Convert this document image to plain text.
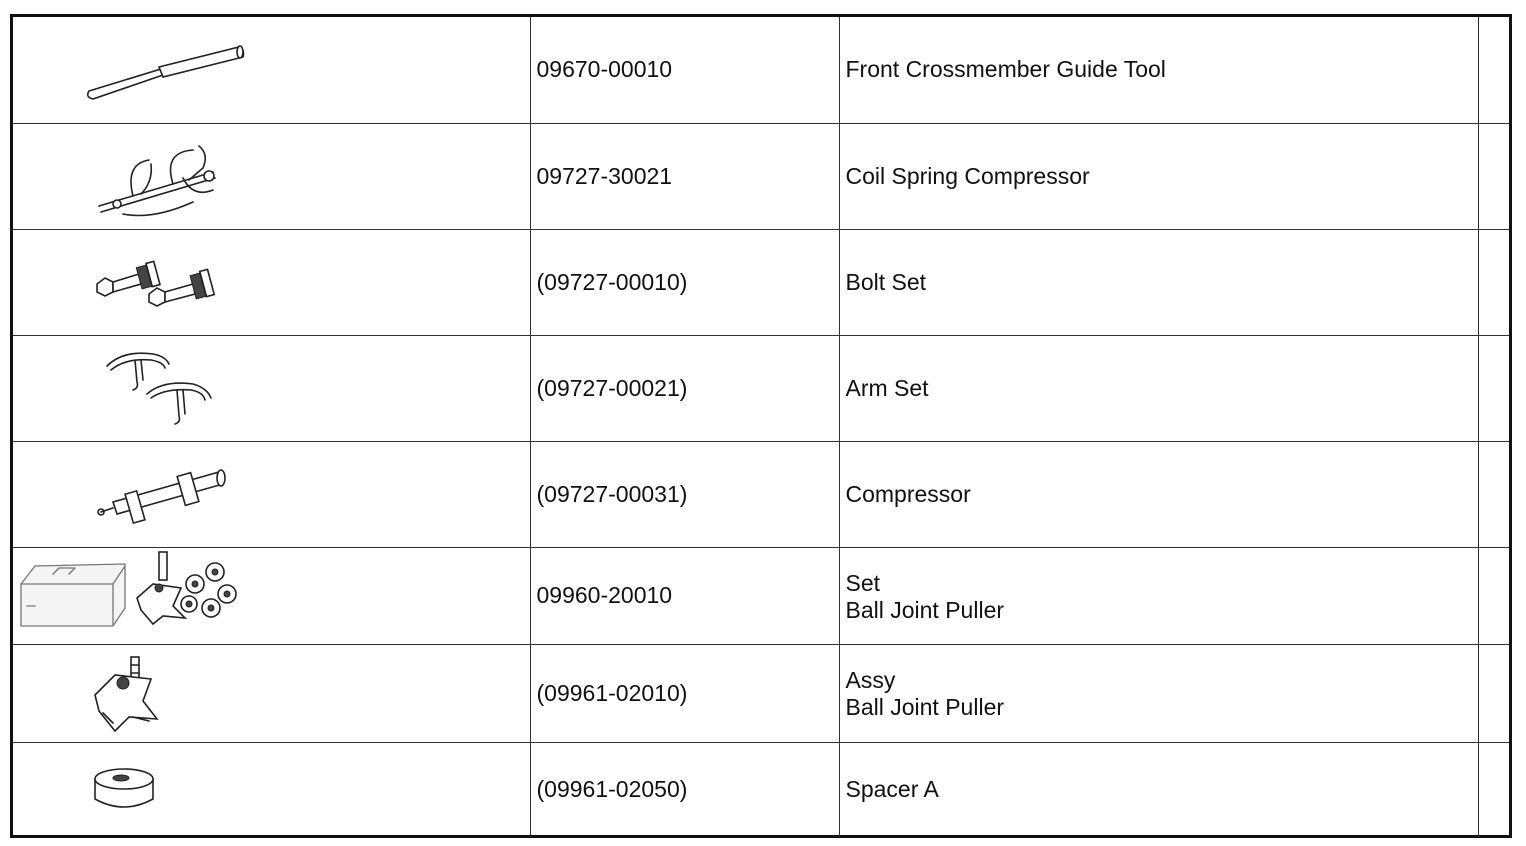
09670-00010	Front Crossmember Guide Tool	

09727-30021	Coil Spring Compressor	

(09727-00010)	Bolt Set	

(09727-00021)	Arm Set	

(09727-00031)	Compressor	

09960-20010	Set
Ball Joint Puller	

(09961-02010)	Assy
Ball Joint Puller	

(09961-02050)	Spacer A	
